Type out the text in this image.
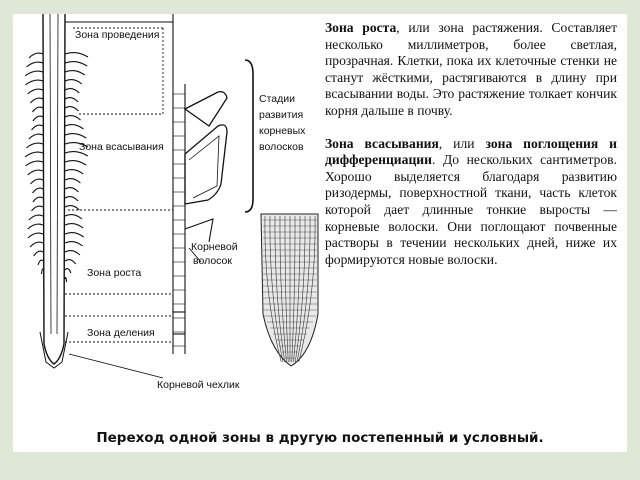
Зона проведения
Зона всасывания
Зона роста
Зона деления
Корневой
волосок
Корневой чехлик
Стадии
развития
корневых
волосков

Зона роста, или зона растяжения. Составляет несколько миллиметров, более светлая, прозрачная. Клетки, пока их клеточные стенки не станут жёсткими, растягиваются в длину при всасывании воды. Это растяжение толкает кончик корня дальше в почву.

Зона всасывания, или зона поглощения и дифференциации. До нескольких сантиметров. Хорошо выделяется благодаря развитию ризодермы, поверхностной ткани, часть клеток которой дает длинные тонкие выросты — корневые волоски. Они поглощают почвенные растворы в течении нескольких дней, ниже их формируются новые волоски.

Переход одной зоны в другую постепенный и условный.
